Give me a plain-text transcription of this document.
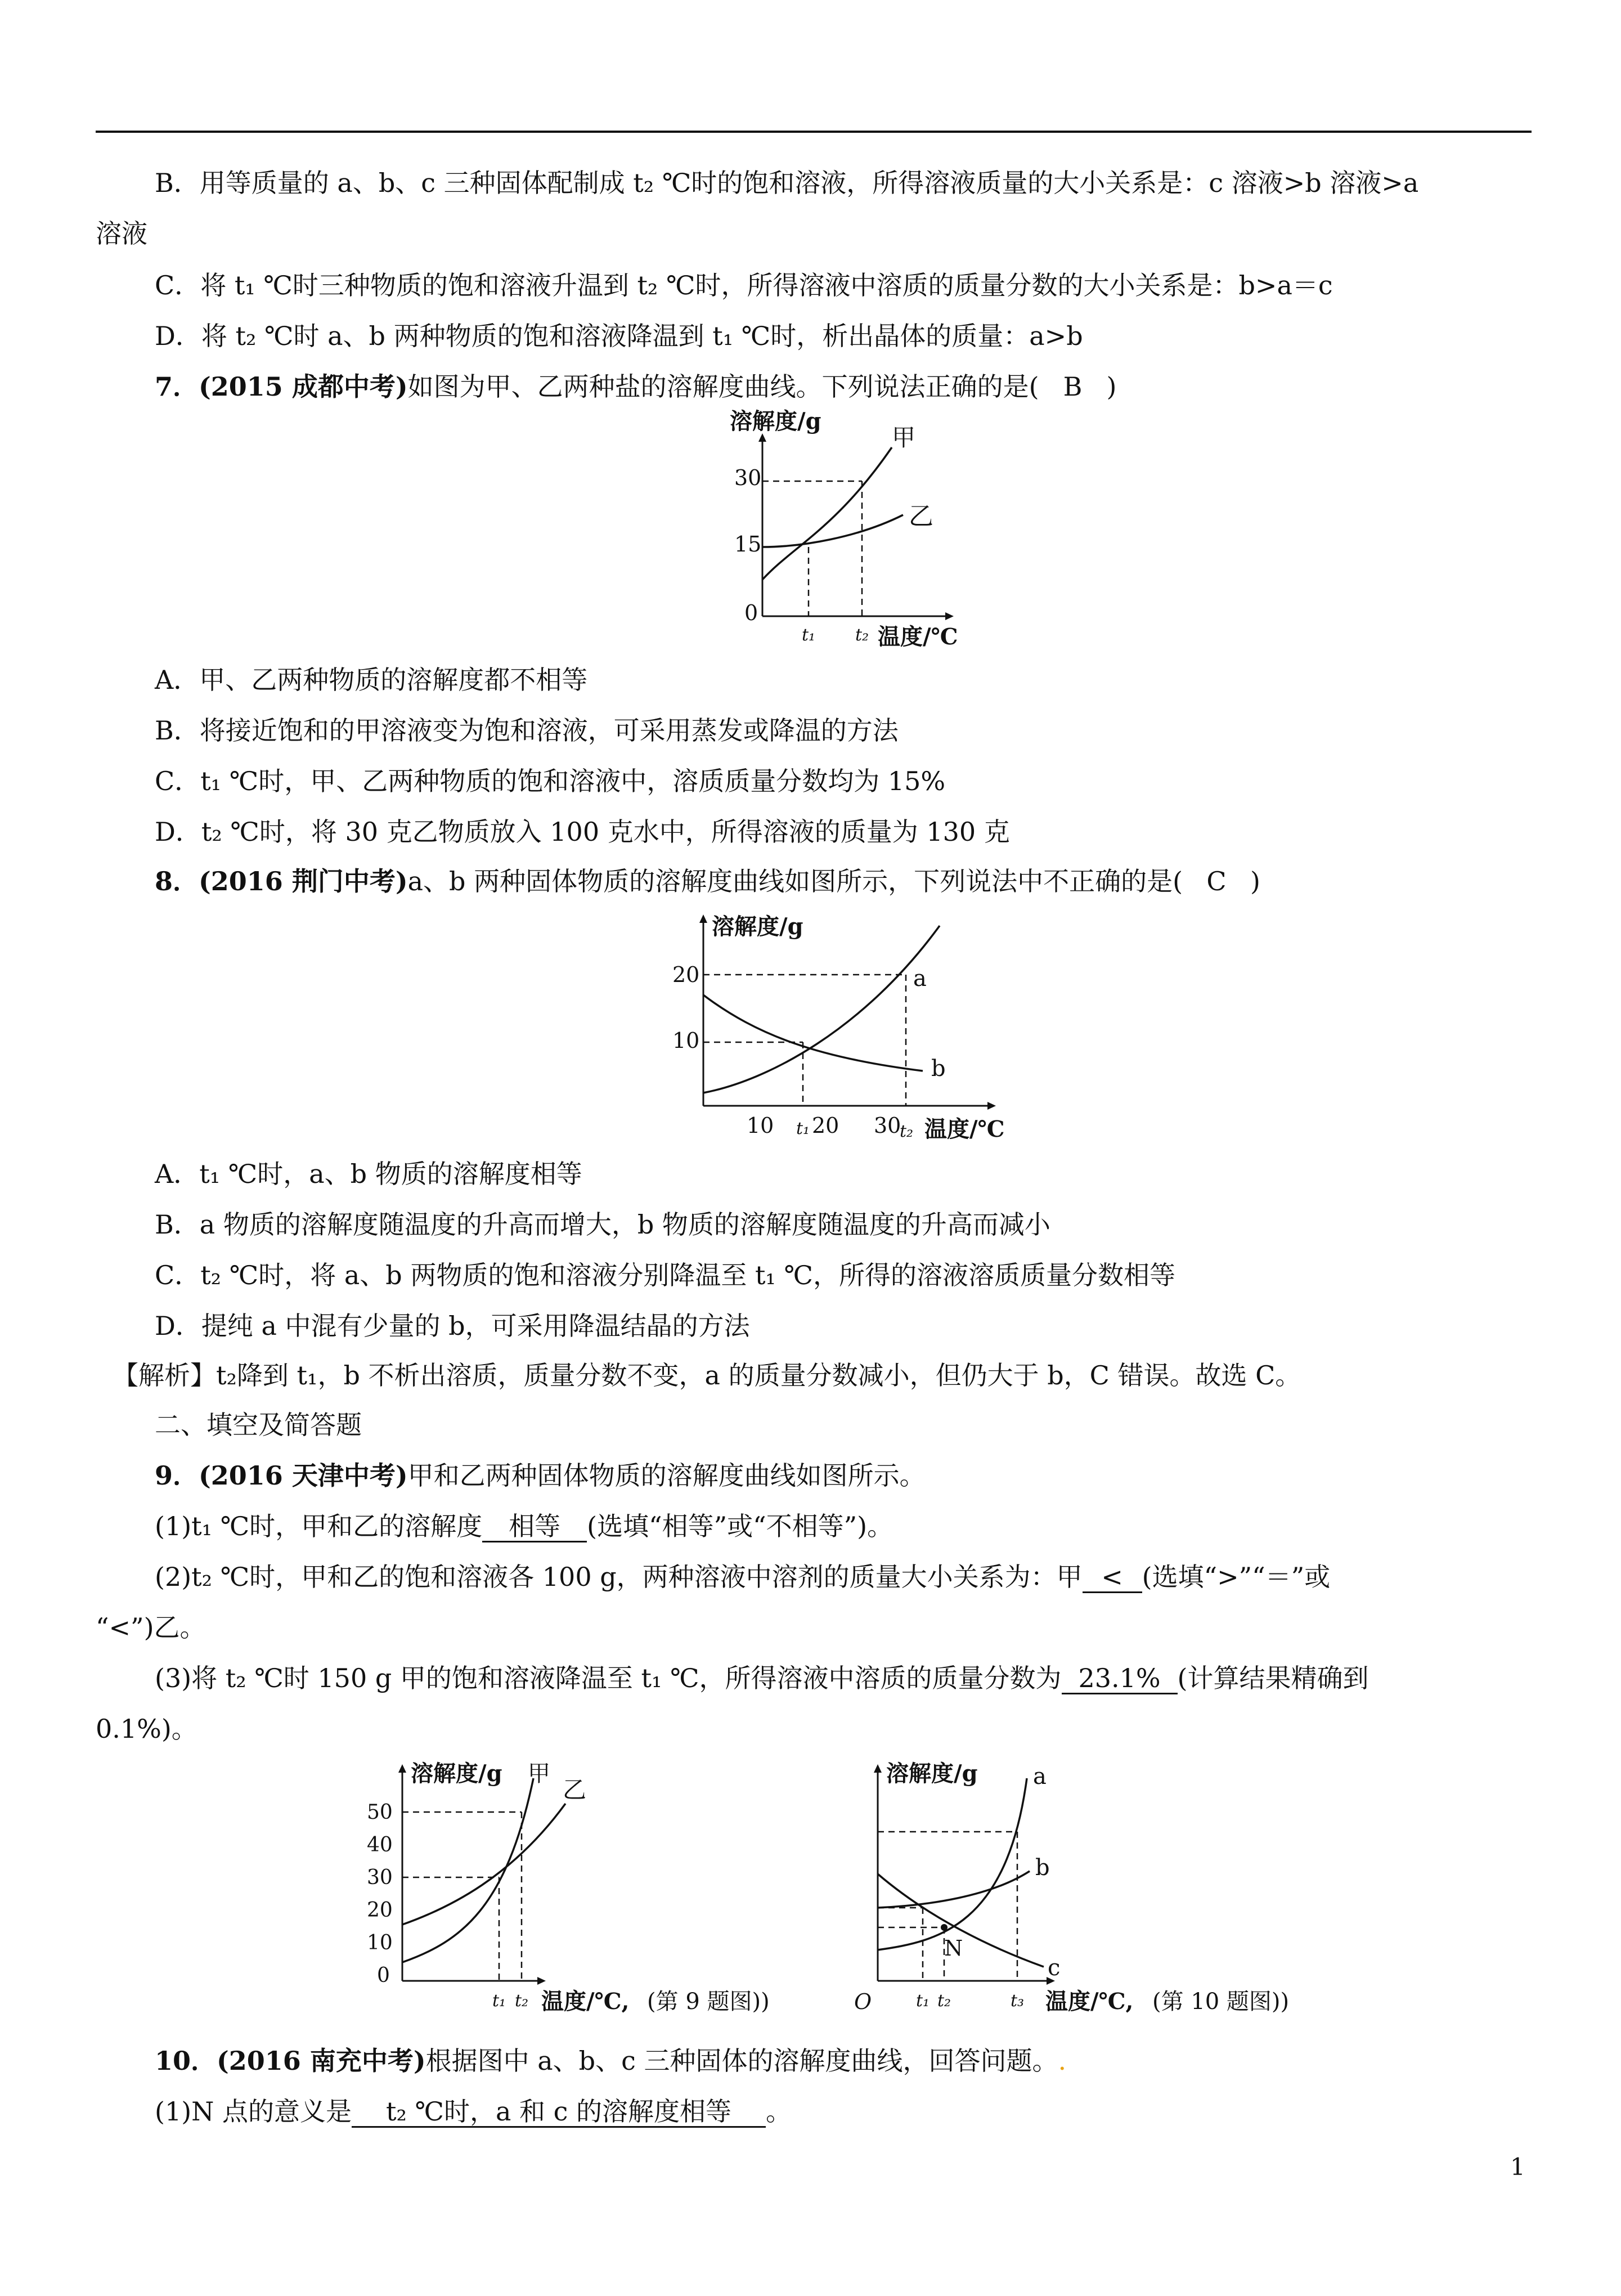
B．用等质量的 a、b、c 三种固体配制成 t₂ ℃时的饱和溶液，所得溶液质量的大小关系是：c 溶液>b 溶液>a
溶液
C．将 t₁ ℃时三种物质的饱和溶液升温到 t₂ ℃时，所得溶液中溶质的质量分数的大小关系是：b>a＝c
D．将 t₂ ℃时 a、b 两种物质的饱和溶液降温到 t₁ ℃时，析出晶体的质量：a>b
7．(2015 成都中考)如图为甲、乙两种盐的溶解度曲线。下列说法正确的是( B )
溶解度/g
30
15
0
甲
乙
t₁ t₂ 温度/℃
A．甲、乙两种物质的溶解度都不相等
B．将接近饱和的甲溶液变为饱和溶液，可采用蒸发或降温的方法
C．t₁ ℃时，甲、乙两种物质的饱和溶液中，溶质质量分数均为 15%
D．t₂ ℃时，将 30 克乙物质放入 100 克水中，所得溶液的质量为 130 克
8．(2016 荆门中考)a、b 两种固体物质的溶解度曲线如图所示，下列说法中不正确的是( C )
溶解度/g
20
10
a
b
10 t₁ 20 30
t₂ 温度/℃
A．t₁ ℃时，a、b 物质的溶解度相等
B．a 物质的溶解度随温度的升高而增大，b 物质的溶解度随温度的升高而减小
C．t₂ ℃时，将 a、b 两物质的饱和溶液分别降温至 t₁ ℃，所得的溶液溶质质量分数相等
D．提纯 a 中混有少量的 b，可采用降温结晶的方法
【解析】t₂降到 t₁，b 不析出溶质，质量分数不变，a 的质量分数减小，但仍大于 b，C 错误。故选 C。
二、填空及简答题
9．(2016 天津中考)甲和乙两种固体物质的溶解度曲线如图所示。
(1)t₁ ℃时，甲和乙的溶解度 相等 (选填“相等”或“不相等”)。
(2)t₂ ℃时，甲和乙的饱和溶液各 100 g，两种溶液中溶剂的质量大小关系为：甲 < (选填“>”“＝”或
“<”)乙。
(3)将 t₂ ℃时 150 g 甲的饱和溶液降温至 t₁ ℃，所得溶液中溶质的质量分数为 23.1% (计算结果精确到
0.1%)。
溶解度/g
50
40
30
20
10
0
甲
乙
t₁ t₂ 温度/℃, (第 9 题图))
溶解度/g
O
N
a
b
c
t₁ t₂	t₃ 温度/℃, (第 10 题图))
10．(2016 南充中考)根据图中 a、b、c 三种固体的溶解度曲线，回答问题。.
(1)N 点的意义是 t₂ ℃时，a 和 c 的溶解度相等 。
1
